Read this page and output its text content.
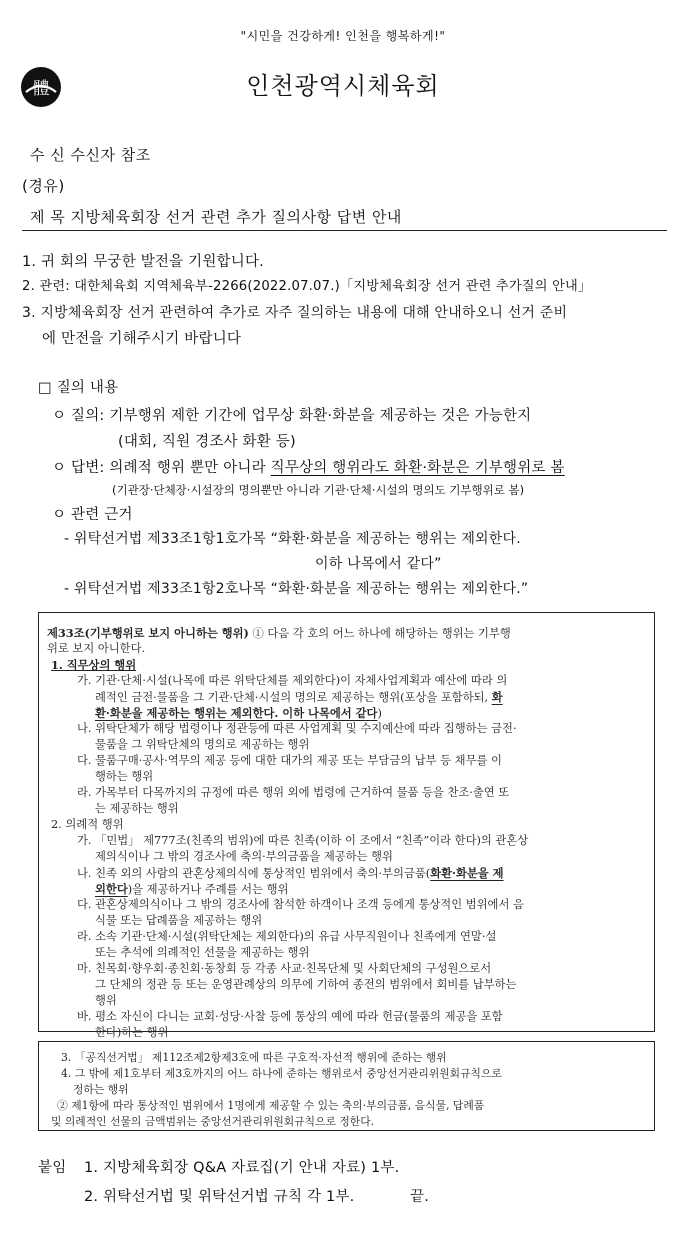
"시민을 건강하게! 인천을 행복하게!"
體	인천광역시체육회
수 신 수신자 참조
(경유)
제 목 지방체육회장 선거 관련 추가 질의사항 답변 안내
1. 귀 회의 무궁한 발전을 기원합니다.
2. 관련: 대한체육회 지역체육부-2266(2022.07.07.)「지방체육회장 선거 관련 추가질의 안내」
3. 지방체육회장 선거 관련하여 추가로 자주 질의하는 내용에 대해 안내하오니 선거 준비
에 만전을 기해주시기 바랍니다
□ 질의 내용
ㅇ 질의: 기부행위 제한 기간에 업무상 화환·화분을 제공하는 것은 가능한지
(대회, 직원 경조사 화환 등)
ㅇ 답변: 의례적 행위 뿐만 아니라 직무상의 행위라도 화환·화분은 기부행위로 봄
(기관장·단체장·시설장의 명의뿐만 아니라 기관·단체·시설의 명의도 기부행위로 봄)
ㅇ 관련 근거
- 위탁선거법 제33조1항1호가목 “화환·화분을 제공하는 행위는 제외한다.
이하 나목에서 같다”
- 위탁선거법 제33조1항2호나목 “화환·화분을 제공하는 행위는 제외한다.”
제33조(기부행위로 보지 아니하는 행위) ① 다음 각 호의 어느 하나에 해당하는 행위는 기부행
위로 보지 아니한다.
1. 직무상의 행위
가. 기관·단체·시설(나목에 따른 위탁단체를 제외한다)이 자체사업계획과 예산에 따라 의
례적인 금전·물품을 그 기관·단체·시설의 명의로 제공하는 행위(포상을 포함하되, 화
환·화분을 제공하는 행위는 제외한다. 이하 나목에서 같다)
나. 위탁단체가 해당 법령이나 정관등에 따른 사업계획 및 수지예산에 따라 집행하는 금전·
물품을 그 위탁단체의 명의로 제공하는 행위
다. 물품구매·공사·역무의 제공 등에 대한 대가의 제공 또는 부담금의 납부 등 채무를 이
행하는 행위
라. 가목부터 다목까지의 규정에 따른 행위 외에 법령에 근거하여 물품 등을 찬조·출연 또
는 제공하는 행위
2. 의례적 행위
가. 「민법」 제777조(친족의 범위)에 따른 친족(이하 이 조에서 “친족”이라 한다)의 관혼상
제의식이나 그 밖의 경조사에 축의·부의금품을 제공하는 행위
나. 친족 외의 사람의 관혼상제의식에 통상적인 범위에서 축의·부의금품(화환·화분을 제
외한다)을 제공하거나 주례를 서는 행위
다. 관혼상제의식이나 그 밖의 경조사에 참석한 하객이나 조객 등에게 통상적인 범위에서 음
식물 또는 답례품을 제공하는 행위
라. 소속 기관·단체·시설(위탁단체는 제외한다)의 유급 사무직원이나 친족에게 연말·설
또는 추석에 의례적인 선물을 제공하는 행위
마. 친목회·향우회·종친회·동창회 등 각종 사교·친목단체 및 사회단체의 구성원으로서
그 단체의 정관 등 또는 운영관례상의 의무에 기하여 종전의 범위에서 회비를 납부하는
행위
바. 평소 자신이 다니는 교회·성당·사찰 등에 통상의 예에 따라 헌금(물품의 제공을 포함
한다)하는 행위
3. 「공직선거법」 제112조제2항제3호에 따른 구호적·자선적 행위에 준하는 행위
4. 그 밖에 제1호부터 제3호까지의 어느 하나에 준하는 행위로서 중앙선거관리위원회규칙으로
정하는 행위
② 제1항에 따라 통상적인 범위에서 1명에게 제공할 수 있는 축의·부의금품, 음식물, 답례품
및 의례적인 선물의 금액범위는 중앙선거관리위원회규칙으로 정한다.
붙임 1. 지방체육회장 Q&A 자료집(기 안내 자료) 1부.
2. 위탁선거법 및 위탁선거법 규칙 각 1부.	끝.
